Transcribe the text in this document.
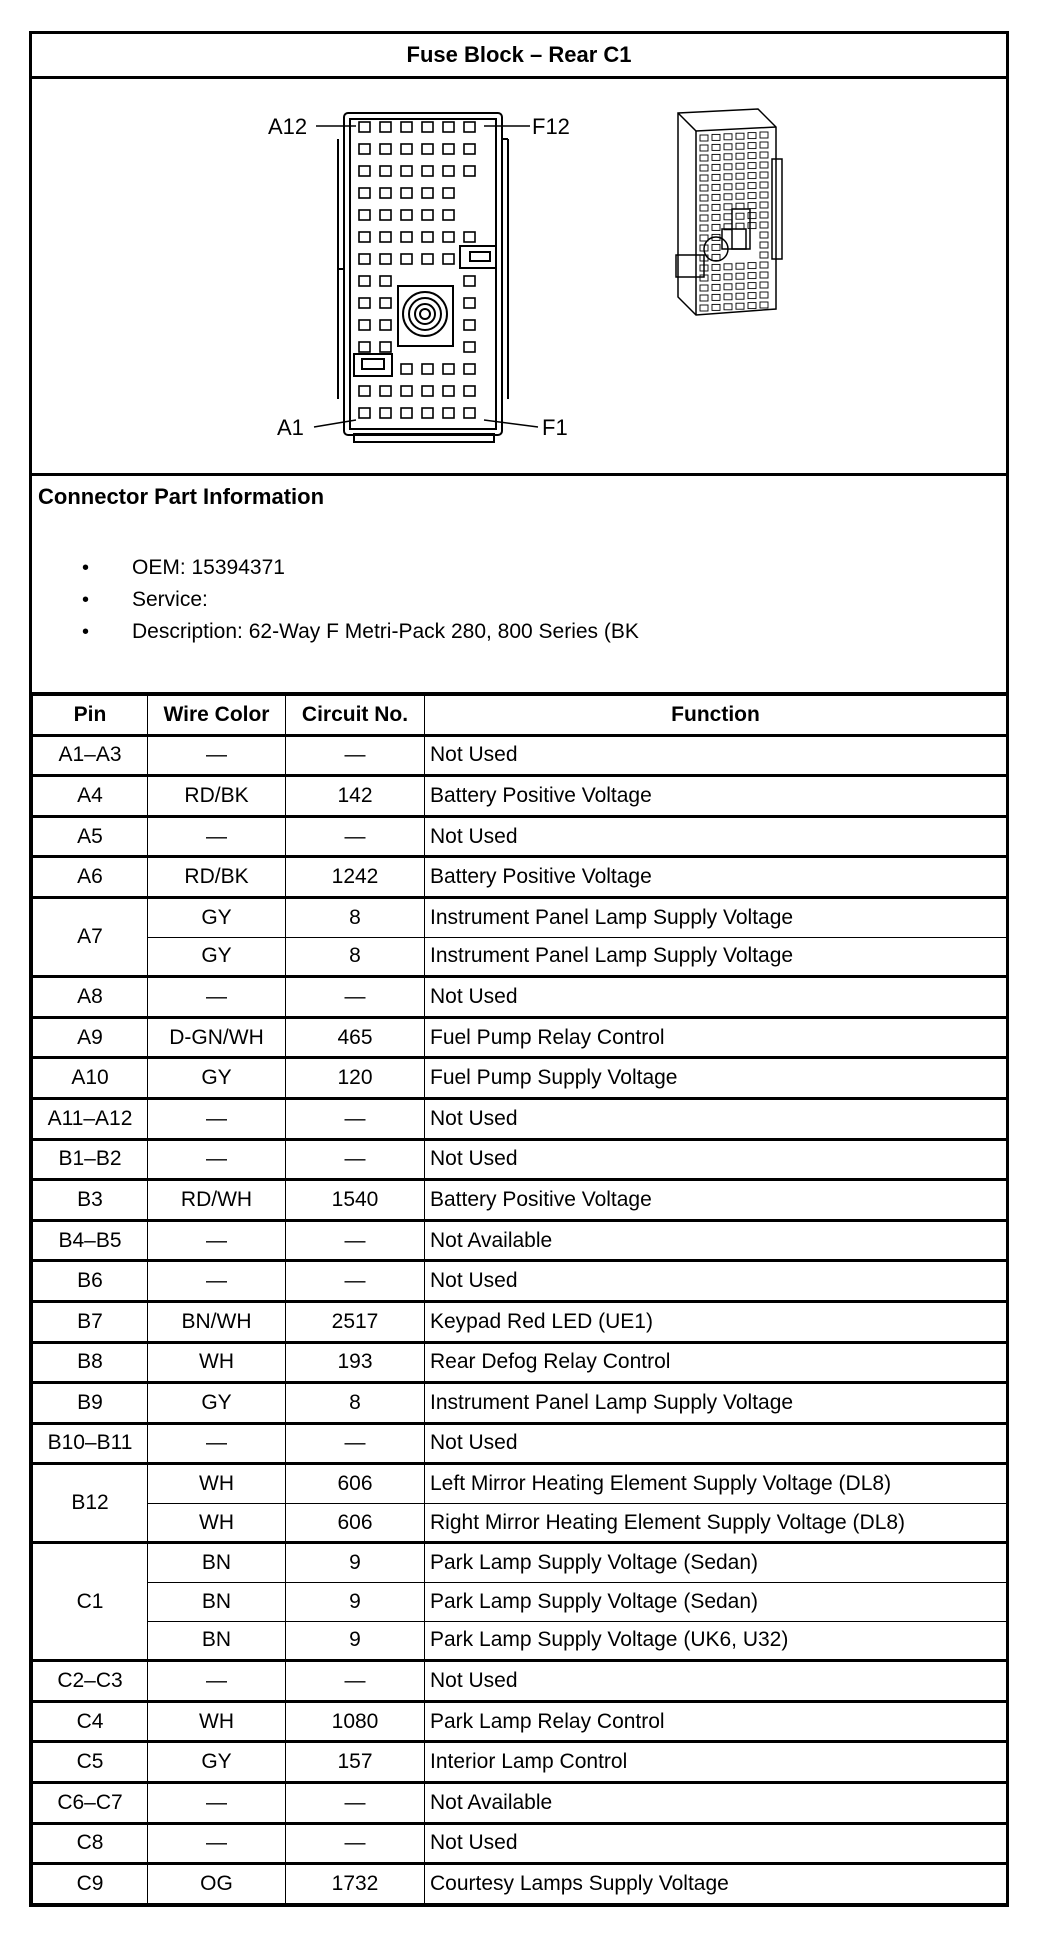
Fuse Block – Rear C1
A12	F12
A1	F1
Connector Part Information
• OEM: 15394371
• Service:
• Description: 62-Way F Metri-Pack 280, 800 Series (BK
Pin	Wire Color	Circuit No.	Function
A1–A3	—	—	Not Used
A4	RD/BK	142	Battery Positive Voltage
A5	—	—	Not Used
A6	RD/BK	1242	Battery Positive Voltage
A7	GY	8	Instrument Panel Lamp Supply Voltage
	GY	8	Instrument Panel Lamp Supply Voltage
A8	—	—	Not Used
A9	D-GN/WH	465	Fuel Pump Relay Control
A10	GY	120	Fuel Pump Supply Voltage
A11–A12	—	—	Not Used
B1–B2	—	—	Not Used
B3	RD/WH	1540	Battery Positive Voltage
B4–B5	—	—	Not Available
B6	—	—	Not Used
B7	BN/WH	2517	Keypad Red LED (UE1)
B8	WH	193	Rear Defog Relay Control
B9	GY	8	Instrument Panel Lamp Supply Voltage
B10–B11	—	—	Not Used
B12	WH	606	Left Mirror Heating Element Supply Voltage (DL8)
	WH	606	Right Mirror Heating Element Supply Voltage (DL8)
C1	BN	9	Park Lamp Supply Voltage (Sedan)
	BN	9	Park Lamp Supply Voltage (Sedan)
	BN	9	Park Lamp Supply Voltage (UK6, U32)
C2–C3	—	—	Not Used
C4	WH	1080	Park Lamp Relay Control
C5	GY	157	Interior Lamp Control
C6–C7	—	—	Not Available
C8	—	—	Not Used
C9	OG	1732	Courtesy Lamps Supply Voltage
